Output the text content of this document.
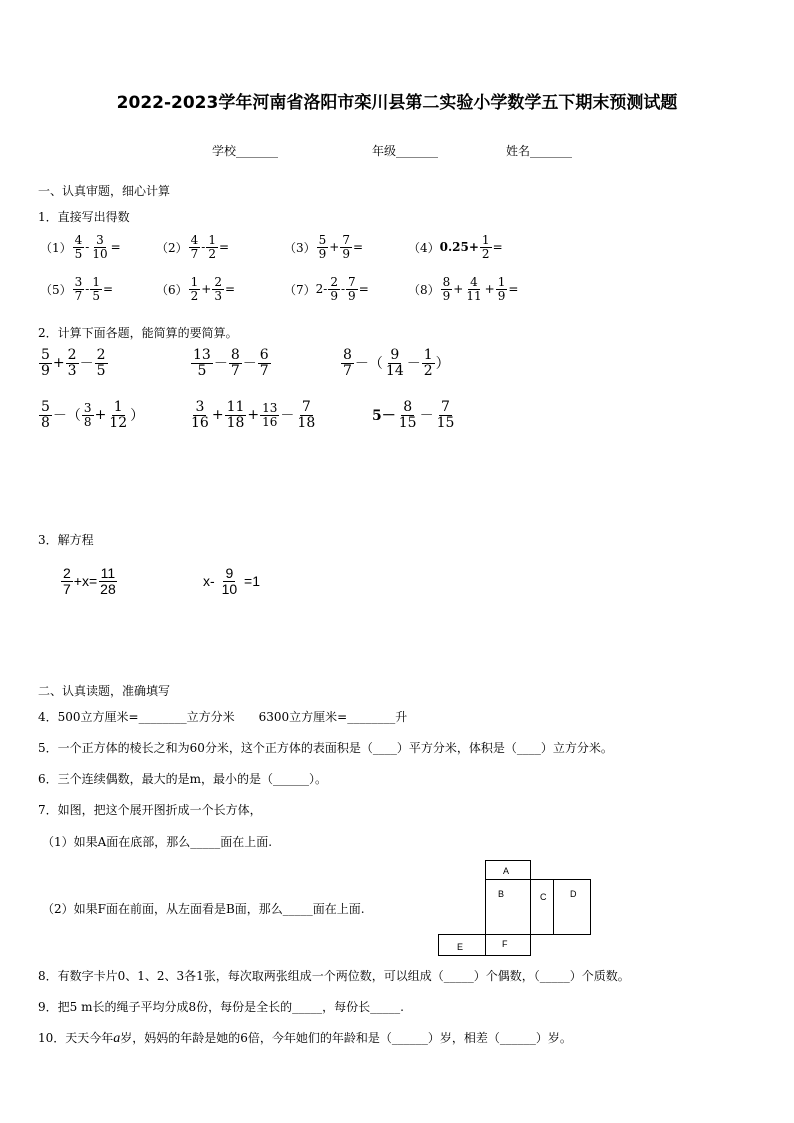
2022-2023学年河南省洛阳市栾川县第二实验小学数学五下期末预测试题
学校_______	年级_______	姓名_______
一、认真审题，细心计算
1．直接写出得数
$(1) \frac{4}{5} - \frac{3}{10}$ =	$(2) \frac{4}{7} - \frac{1}{2}$ =	$(3) \frac{5}{9} + \frac{7}{9}$ =	（4） $0.25+ \frac{1}{2}$ =
$(5) \frac{3}{7} - \frac{1}{5}$ =	$(6) \frac{1}{2} + \frac{2}{3}$ =	（7） $2- \frac{2}{9} - \frac{7}{9}$ =	$(8) \frac{8}{9} + \frac{4}{11} + \frac{1}{9}$ =
2．计算下面各题，能简算的要简算。
$\frac{5}{9} + \frac{2}{3} - \frac{2}{5}$	$\frac{13}{5} - \frac{8}{7} - \frac{6}{7}$	$\frac{8}{7}$ －（ $\frac{9}{14} - \frac{1}{2}$ ）
$\frac{5}{8}$ －（ $\frac{3}{8} + \frac{1}{12}$ ）	$\frac{3}{16} + \frac{11}{18} + \frac{13}{16} - \frac{7}{18}$	$5- \frac{8}{15} - \frac{7}{15}$
3．解方程
$\frac{2}{7} +x= \frac{11}{28}$	$x- \frac{9}{10} =1$
二、认真读题，准确填写
4．500立方厘米=________立方分米　　6300立方厘米=________升
5．一个正方体的棱长之和为60分米，这个正方体的表面积是（____）平方分米，体积是（____）立方分米。
6．三个连续偶数，最大的是m，最小的是（______）。
7．如图，把这个展开图折成一个长方体，
（1）如果A面在底部，那么_____面在上面.
（2）如果F面在前面，从左面看是B面，那么_____面在上面.
A
B	C	D
E	F
8．有数字卡片0、1、2、3各1张，每次取两张组成一个两位数，可以组成（_____）个偶数，（_____）个质数。
9．把5 m长的绳子平均分成8份，每份是全长的_____，每份长_____.
10．天天今年a岁，妈妈的年龄是她的6倍，今年她们的年龄和是（______）岁，相差（______）岁。
